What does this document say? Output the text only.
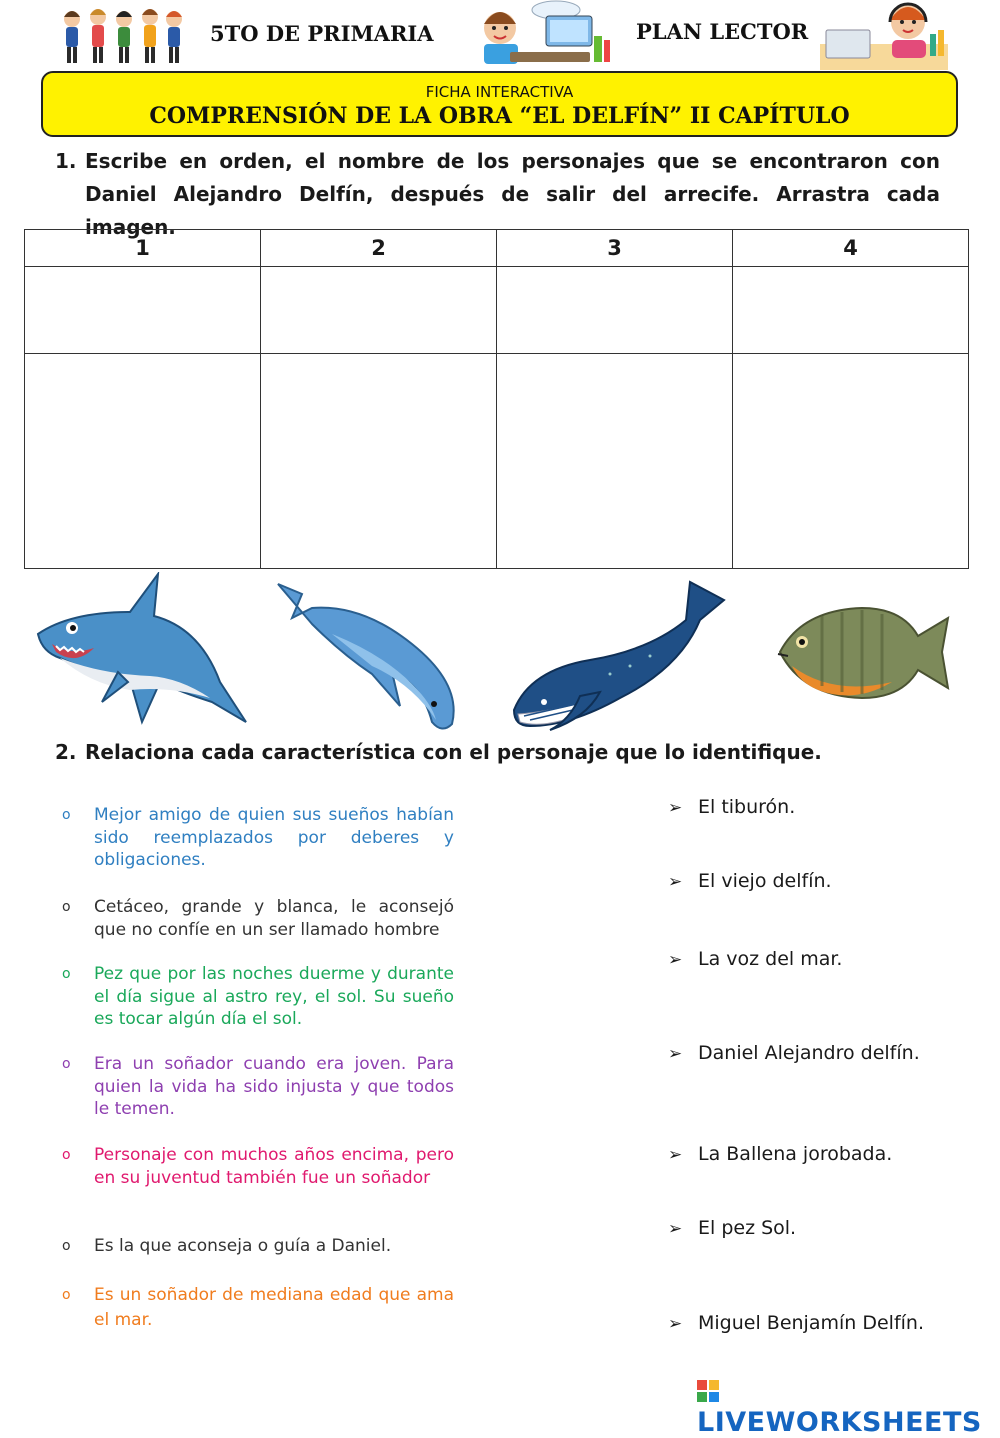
5TO DE PRIMARIA	PLAN LECTOR
FICHA INTERACTIVA
COMPRENSIÓN DE LA OBRA “EL DELFÍN” II CAPÍTULO
1. Escribe en orden, el nombre de los personajes que se encontraron con Daniel Alejandro Delfín, después de salir del arrecife. Arrastra cada imagen.
1	2	3	4

2. Relaciona cada característica con el personaje que lo identifique.
o Mejor amigo de quien sus sueños habían sido reemplazados por deberes y obligaciones.
o Cetáceo, grande y blanca, le aconsejó que no confíe en un ser llamado hombre
o Pez que por las noches duerme y durante el día sigue al astro rey, el sol. Su sueño es tocar algún día el sol.
o Era un soñador cuando era joven. Para quien la vida ha sido injusta y que todos le temen.
o Personaje con muchos años encima, pero en su juventud también fue un soñador
o Es la que aconseja o guía a Daniel.
o Es un soñador de mediana edad que ama el mar.
➢ El tiburón.
➢ El viejo delfín.
➢ La voz del mar.
➢ Daniel Alejandro delfín.
➢ La Ballena jorobada.
➢ El pez Sol.
➢ Miguel Benjamín Delfín.
LIVEWORKSHEETS
